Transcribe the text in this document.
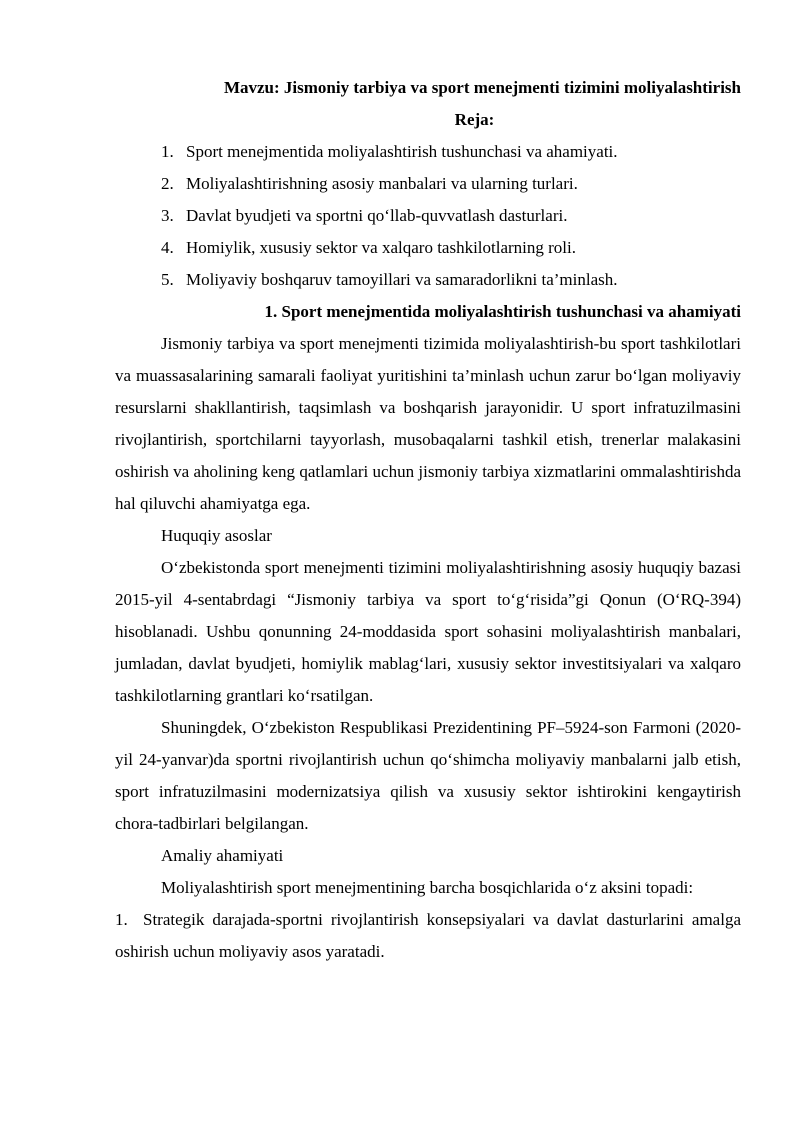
Mavzu: Jismoniy tarbiya va sport menejmenti tizimini moliyalashtirish

Reja:

1. Sport menejmentida moliyalashtirish tushunchasi va ahamiyati.
2. Moliyalashtirishning asosiy manbalari va ularning turlari.
3. Davlat byudjeti va sportni qo‘llab-quvvatlash dasturlari.
4. Homiylik, xususiy sektor va xalqaro tashkilotlarning roli.
5. Moliyaviy boshqaruv tamoyillari va samaradorlikni ta’minlash.

1. Sport menejmentida moliyalashtirish tushunchasi va ahamiyati

Jismoniy tarbiya va sport menejmenti tizimida moliyalashtirish-bu sport tashkilotlari va muassasalarining samarali faoliyat yuritishini ta’minlash uchun zarur bo‘lgan moliyaviy resurslarni shakllantirish, taqsimlash va boshqarish jarayonidir. U sport infratuzilmasini rivojlantirish, sportchilarni tayyorlash, musobaqalarni tashkil etish, trenerlar malakasini oshirish va aholining keng qatlamlari uchun jismoniy tarbiya xizmatlarini ommalashtirishda hal qiluvchi ahamiyatga ega.

Huquqiy asoslar

O‘zbekistonda sport menejmenti tizimini moliyalashtirishning asosiy huquqiy bazasi 2015-yil 4-sentabrdagi “Jismoniy tarbiya va sport to‘g‘risida”gi Qonun (O‘RQ-394) hisoblanadi. Ushbu qonunning 24-moddasida sport sohasini moliyalashtirish manbalari, jumladan, davlat byudjeti, homiylik mablag‘lari, xususiy sektor investitsiyalari va xalqaro tashkilotlarning grantlari ko‘rsatilgan.

Shuningdek, O‘zbekiston Respublikasi Prezidentining PF–5924-son Farmoni (2020-yil 24-yanvar)da sportni rivojlantirish uchun qo‘shimcha moliyaviy manbalarni jalb etish, sport infratuzilmasini modernizatsiya qilish va xususiy sektor ishtirokini kengaytirish chora-tadbirlari belgilangan.

Amaliy ahamiyati

Moliyalashtirish sport menejmentining barcha bosqichlarida o‘z aksini topadi:

1. Strategik darajada-sportni rivojlantirish konsepsiyalari va davlat dasturlarini amalga oshirish uchun moliyaviy asos yaratadi.
